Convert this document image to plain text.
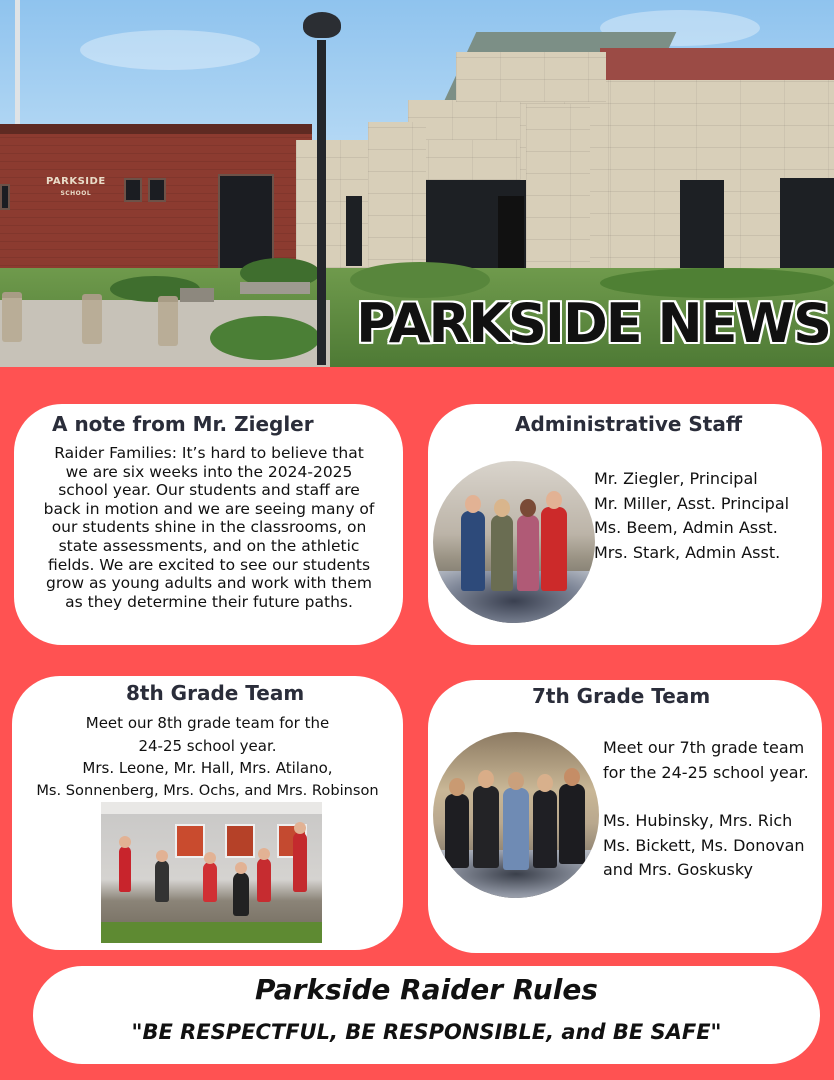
PARKSIDE
SCHOOL
PARKSIDE NEWS
A note from Mr. Ziegler
Raider Families: It’s hard to believe that
we are six weeks into the 2024-2025
school year. Our students and staff are
back in motion and we are seeing many of
our students shine in the classrooms, on
state assessments, and on the athletic
fields. We are excited to see our students
grow as young adults and work with them
as they determine their future paths.
Administrative Staff
Mr. Ziegler, Principal
Mr. Miller, Asst. Principal
Ms. Beem, Admin Asst.
Mrs. Stark, Admin Asst.
8th Grade Team
Meet our 8th grade team for the
24-25 school year.
Mrs. Leone, Mr. Hall, Mrs. Atilano,
Ms. Sonnenberg, Mrs. Ochs, and Mrs. Robinson
7th Grade Team
Meet our 7th grade team
for the 24-25 school year.
Ms. Hubinsky, Mrs. Rich
Ms. Bickett, Ms. Donovan
and Mrs. Goskusky
Parkside Raider Rules
"BE RESPECTFUL, BE RESPONSIBLE, and BE SAFE"
